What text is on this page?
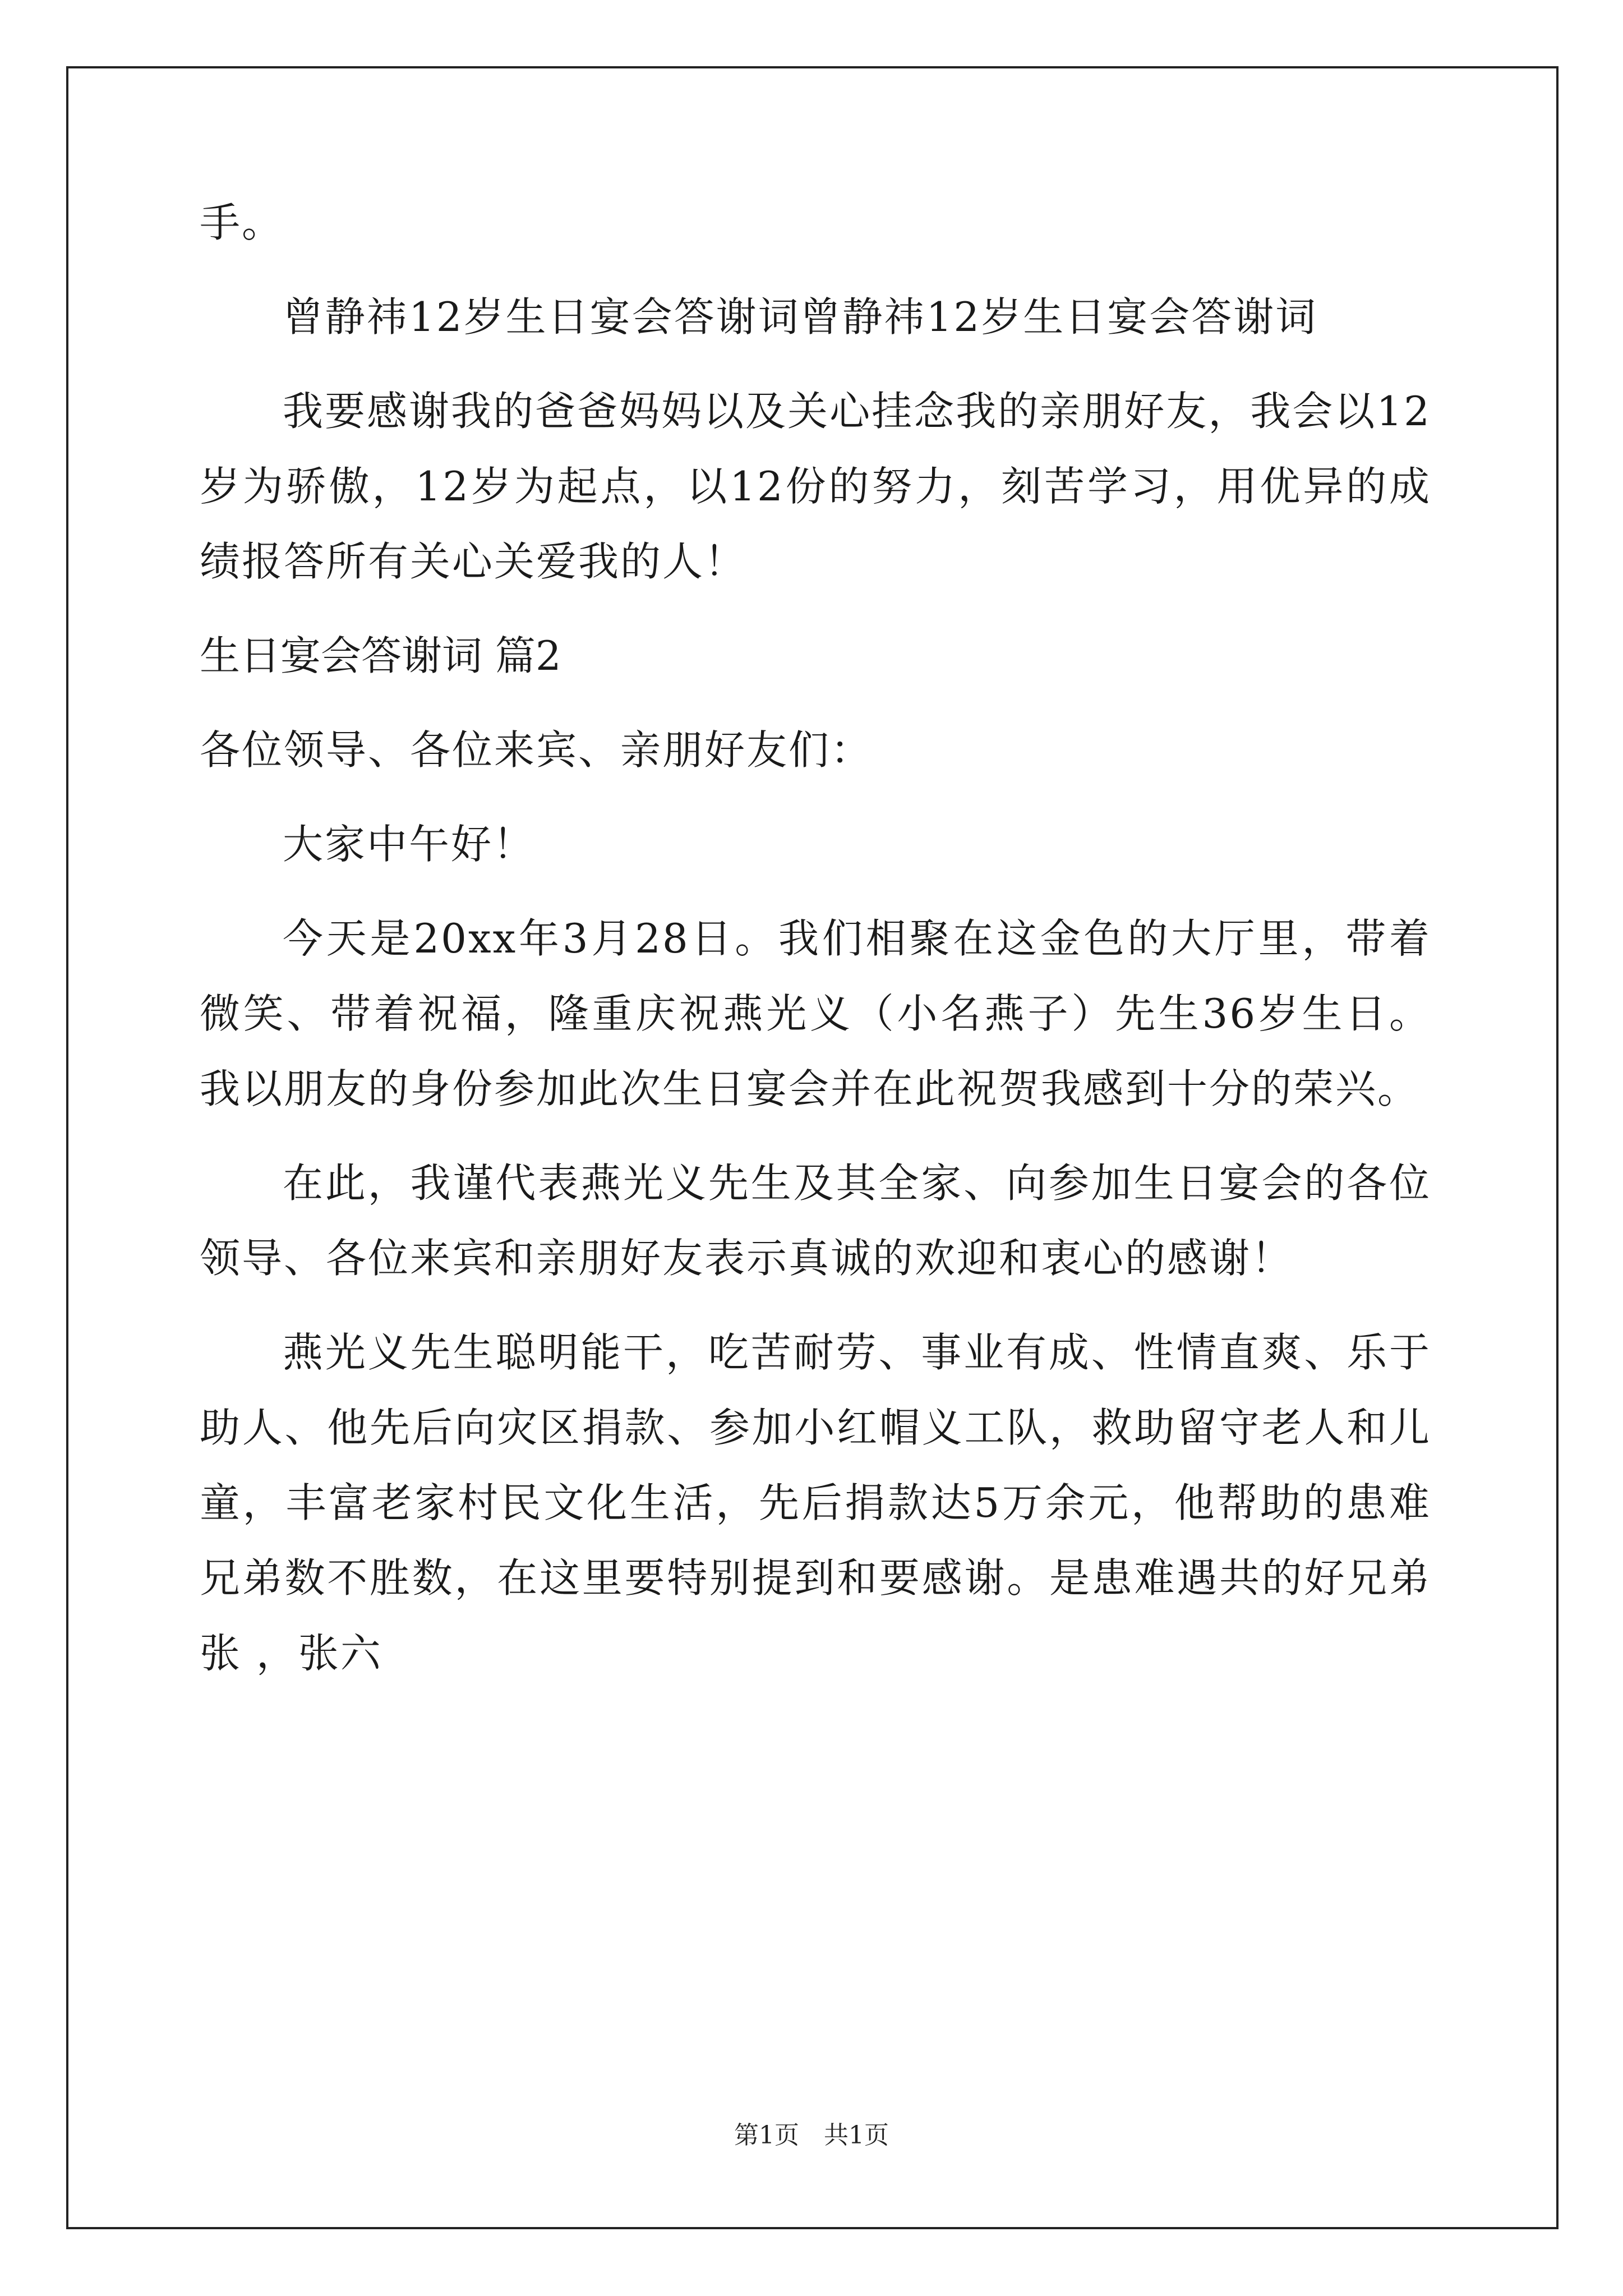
手。

曾静祎12岁生日宴会答谢词曾静祎12岁生日宴会答谢词

我要感谢我的爸爸妈妈以及关心挂念我的亲朋好友，我会以12岁为骄傲，12岁为起点，以12份的努力，刻苦学习，用优异的成绩报答所有关心关爱我的人！

生日宴会答谢词 篇2

各位领导、各位来宾、亲朋好友们：

大家中午好！

今天是20xx年3月28日。我们相聚在这金色的大厅里，带着微笑、带着祝福，隆重庆祝燕光义（小名燕子）先生36岁生日。我以朋友的身份参加此次生日宴会并在此祝贺我感到十分的荣兴。

在此，我谨代表燕光义先生及其全家、向参加生日宴会的各位领导、各位来宾和亲朋好友表示真诚的欢迎和衷心的感谢！

燕光义先生聪明能干，吃苦耐劳、事业有成、性情直爽、乐于助人、他先后向灾区捐款、参加小红帽义工队，救助留守老人和儿童，丰富老家村民文化生活，先后捐款达5万余元，他帮助的患难兄弟数不胜数，在这里要特别提到和要感谢。是患难遇共的好兄弟张 ，张六

第1页　共1页
